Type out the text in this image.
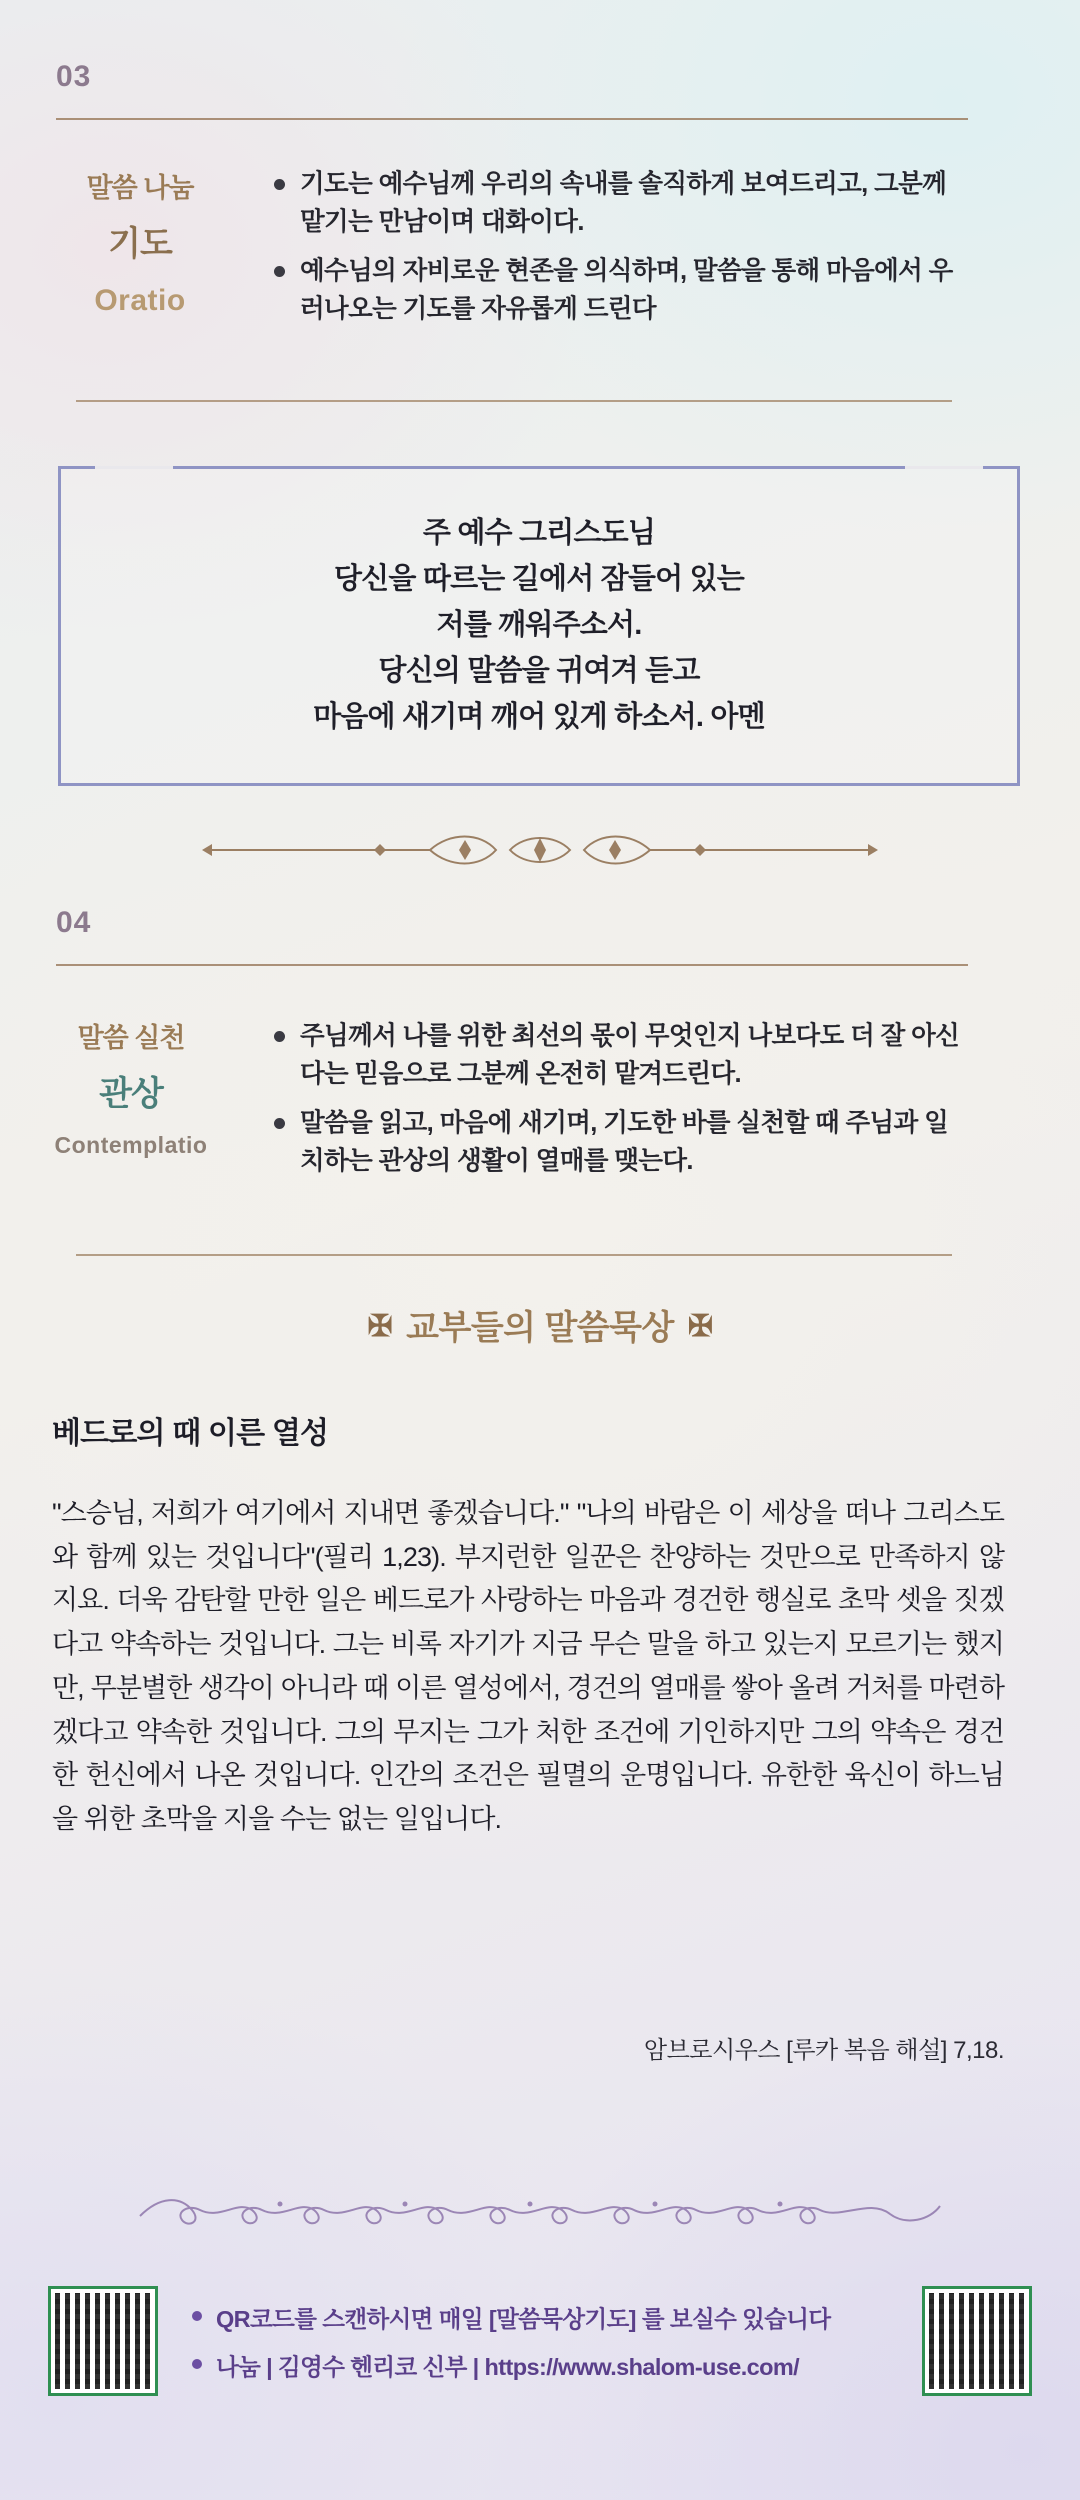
03
말씀 나눔
기도
Oratio
기도는 예수님께 우리의 속내를 솔직하게 보여드리고, 그분께 맡기는 만남이며 대화이다.
예수님의 자비로운 현존을 의식하며, 말씀을 통해 마음에서 우러나오는 기도를 자유롭게 드린다
주 예수 그리스도님
당신을 따르는 길에서 잠들어 있는
저를 깨워주소서.
당신의 말씀을 귀여겨 듣고
마음에 새기며 깨어 있게 하소서. 아멘
04
말씀 실천
관상
Contemplatio
주님께서 나를 위한 최선의 몫이 무엇인지 나보다도 더 잘 아신다는 믿음으로 그분께 온전히 맡겨드린다.
말씀을 읽고, 마음에 새기며, 기도한 바를 실천할 때 주님과 일치하는 관상의 생활이 열매를 맺는다.
✠ 교부들의 말씀묵상 ✠
베드로의 때 이른 열성
"스승님, 저희가 여기에서 지내면 좋겠습니다." "나의 바람은 이 세상을 떠나 그리스도와 함께 있는 것입니다"(필리 1,23). 부지런한 일꾼은 찬양하는 것만으로 만족하지 않지요. 더욱 감탄할 만한 일은 베드로가 사랑하는 마음과 경건한 행실로 초막 셋을 짓겠다고 약속하는 것입니다. 그는 비록 자기가 지금 무슨 말을 하고 있는지 모르기는 했지만, 무분별한 생각이 아니라 때 이른 열성에서, 경건의 열매를 쌓아 올려 거처를 마련하겠다고 약속한 것입니다. 그의 무지는 그가 처한 조건에 기인하지만 그의 약속은 경건한 헌신에서 나온 것입니다. 인간의 조건은 필멸의 운명입니다. 유한한 육신이 하느님을 위한 초막을 지을 수는 없는 일입니다.
암브로시우스 [루카 복음 해설] 7,18.
QR코드를 스캔하시면 매일 [말씀묵상기도] 를 보실수 있습니다
나눔 | 김영수 헨리코 신부 | https://www.shalom-use.com/
